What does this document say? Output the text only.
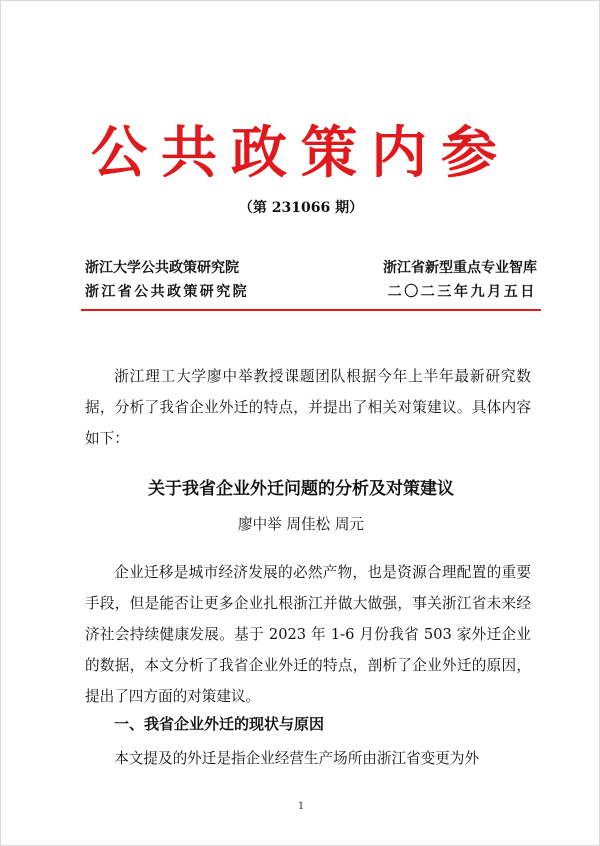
公共政策内参
（第 231066 期）
浙江大学公共政策研究院	浙江省新型重点专业智库
浙江省公共政策研究院	二〇二三年九月五日
浙江理工大学廖中举教授课题团队根据今年上半年最新研究数据，分析了我省企业外迁的特点，并提出了相关对策建议。具体内容如下：
关于我省企业外迁问题的分析及对策建议
廖中举 周佳松 周元
企业迁移是城市经济发展的必然产物，也是资源合理配置的重要手段，但是能否让更多企业扎根浙江并做大做强，事关浙江省未来经济社会持续健康发展。基于 2023 年 1-6 月份我省 503 家外迁企业的数据，本文分析了我省企业外迁的特点，剖析了企业外迁的原因，提出了四方面的对策建议。
一、我省企业外迁的现状与原因
本文提及的外迁是指企业经营生产场所由浙江省变更为外
1
